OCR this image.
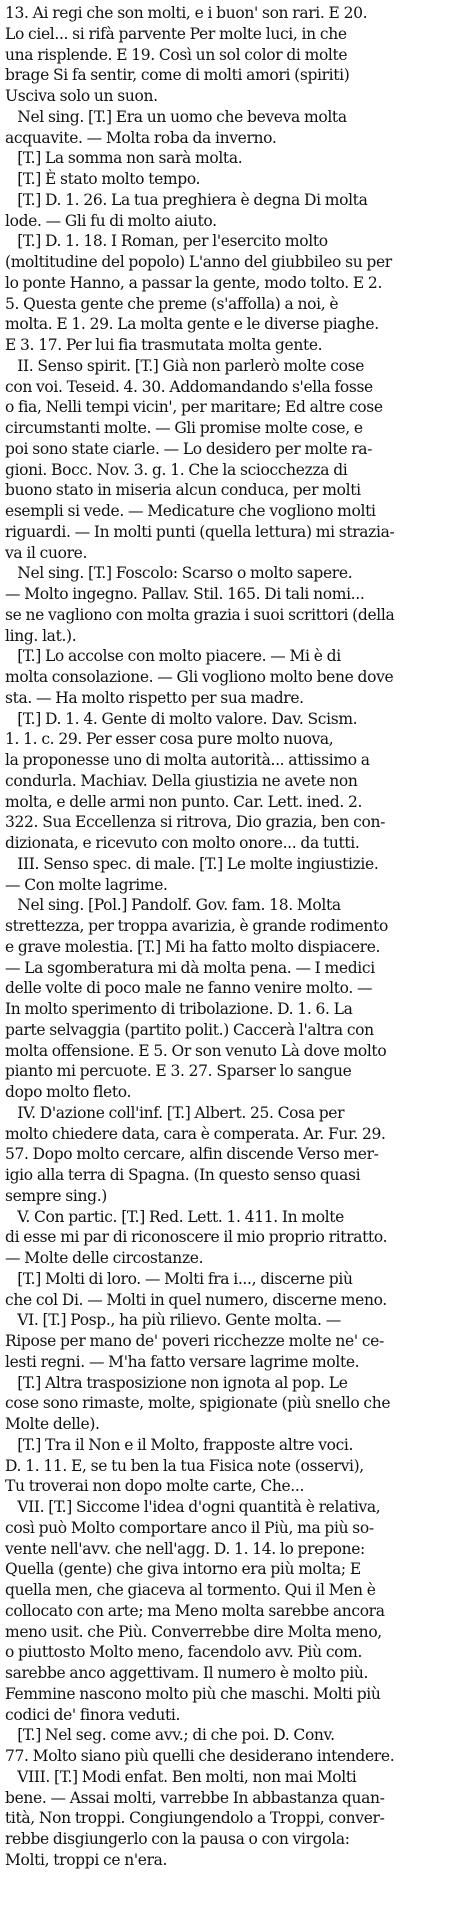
13. Ai regi che son molti, e i buon' son rari. E 20.
Lo ciel... si rifà parvente Per molte luci, in che
una risplende. E 19. Così un sol color di molte
brage Si fa sentir, come di molti amori (spiriti)
Usciva solo un suon.
Nel sing. [T.] Era un uomo che beveva molta
acquavite. — Molta roba da inverno.
[T.] La somma non sarà molta.
[T.] È stato molto tempo.
[T.] D. 1. 26. La tua preghiera è degna Di molta
lode. — Gli fu di molto aiuto.
[T.] D. 1. 18. I Roman, per l'esercito molto
(moltitudine del popolo) L'anno del giubbileo su per
lo ponte Hanno, a passar la gente, modo tolto. E 2.
5. Questa gente che preme (s'affolla) a noi, è
molta. E 1. 29. La molta gente e le diverse piaghe.
E 3. 17. Per lui fia trasmutata molta gente.
II. Senso spirit. [T.] Già non parlerò molte cose
con voi. Teseid. 4. 30. Addomandando s'ella fosse
o fia, Nelli tempi vicin', per maritare; Ed altre cose
circumstanti molte. — Gli promise molte cose, e
poi sono state ciarle. — Lo desidero per molte ra-
gioni. Bocc. Nov. 3. g. 1. Che la sciocchezza di
buono stato in miseria alcun conduca, per molti
esempli si vede. — Medicature che vogliono molti
riguardi. — In molti punti (quella lettura) mi strazia-
va il cuore.
Nel sing. [T.] Foscolo: Scarso o molto sapere.
— Molto ingegno. Pallav. Stil. 165. Di tali nomi...
se ne vagliono con molta grazia i suoi scrittori (della
ling. lat.).
[T.] Lo accolse con molto piacere. — Mi è di
molta consolazione. — Gli vogliono molto bene dove
sta. — Ha molto rispetto per sua madre.
[T.] D. 1. 4. Gente di molto valore. Dav. Scism.
1. 1. c. 29. Per esser cosa pure molto nuova,
la proponesse uno di molta autorità... attissimo a
condurla. Machiav. Della giustizia ne avete non
molta, e delle armi non punto. Car. Lett. ined. 2.
322. Sua Eccellenza si ritrova, Dio grazia, ben con-
dizionata, e ricevuto con molto onore... da tutti.
III. Senso spec. di male. [T.] Le molte ingiustizie.
— Con molte lagrime.
Nel sing. [Pol.] Pandolf. Gov. fam. 18. Molta
strettezza, per troppa avarizia, è grande rodimento
e grave molestia. [T.] Mi ha fatto molto dispiacere.
— La sgomberatura mi dà molta pena. — I medici
delle volte di poco male ne fanno venire molto. —
In molto sperimento di tribolazione. D. 1. 6. La
parte selvaggia (partito polit.) Caccerà l'altra con
molta offensione. E 5. Or son venuto Là dove molto
pianto mi percuote. E 3. 27. Sparser lo sangue
dopo molto fleto.
IV. D'azione coll'inf. [T.] Albert. 25. Cosa per
molto chiedere data, cara è comperata. Ar. Fur. 29.
57. Dopo molto cercare, alfin discende Verso mer-
igio alla terra di Spagna. (In questo senso quasi
sempre sing.)
V. Con partic. [T.] Red. Lett. 1. 411. In molte
di esse mi par di riconoscere il mio proprio ritratto.
— Molte delle circostanze.
[T.] Molti di loro. — Molti fra i..., discerne più
che col Di. — Molti in quel numero, discerne meno.
VI. [T.] Posp., ha più rilievo. Gente molta. —
Ripose per mano de' poveri ricchezze molte ne' ce-
lesti regni. — M'ha fatto versare lagrime molte.
[T.] Altra trasposizione non ignota al pop. Le
cose sono rimaste, molte, spigionate (più snello che
Molte delle).
[T.] Tra il Non e il Molto, frapposte altre voci.
D. 1. 11. E, se tu ben la tua Fisica note (osservi),
Tu troverai non dopo molte carte, Che...
VII. [T.] Siccome l'idea d'ogni quantità è relativa,
così può Molto comportare anco il Più, ma più so-
vente nell'avv. che nell'agg. D. 1. 14. lo prepone:
Quella (gente) che giva intorno era più molta; E
quella men, che giaceva al tormento. Qui il Men è
collocato con arte; ma Meno molta sarebbe ancora
meno usit. che Più. Converrebbe dire Molta meno,
o piuttosto Molto meno, facendolo avv. Più com.
sarebbe anco aggettivam. Il numero è molto più.
Femmine nascono molto più che maschi. Molti più
codici de' finora veduti.
[T.] Nel seg. come avv.; di che poi. D. Conv.
77. Molto siano più quelli che desiderano intendere.
VIII. [T.] Modi enfat. Ben molti, non mai Molti
bene. — Assai molti, varrebbe In abbastanza quan-
tità, Non troppi. Congiungendolo a Troppi, conver-
rebbe disgiungerlo con la pausa o con virgola:
Molti, troppi ce n'era.
